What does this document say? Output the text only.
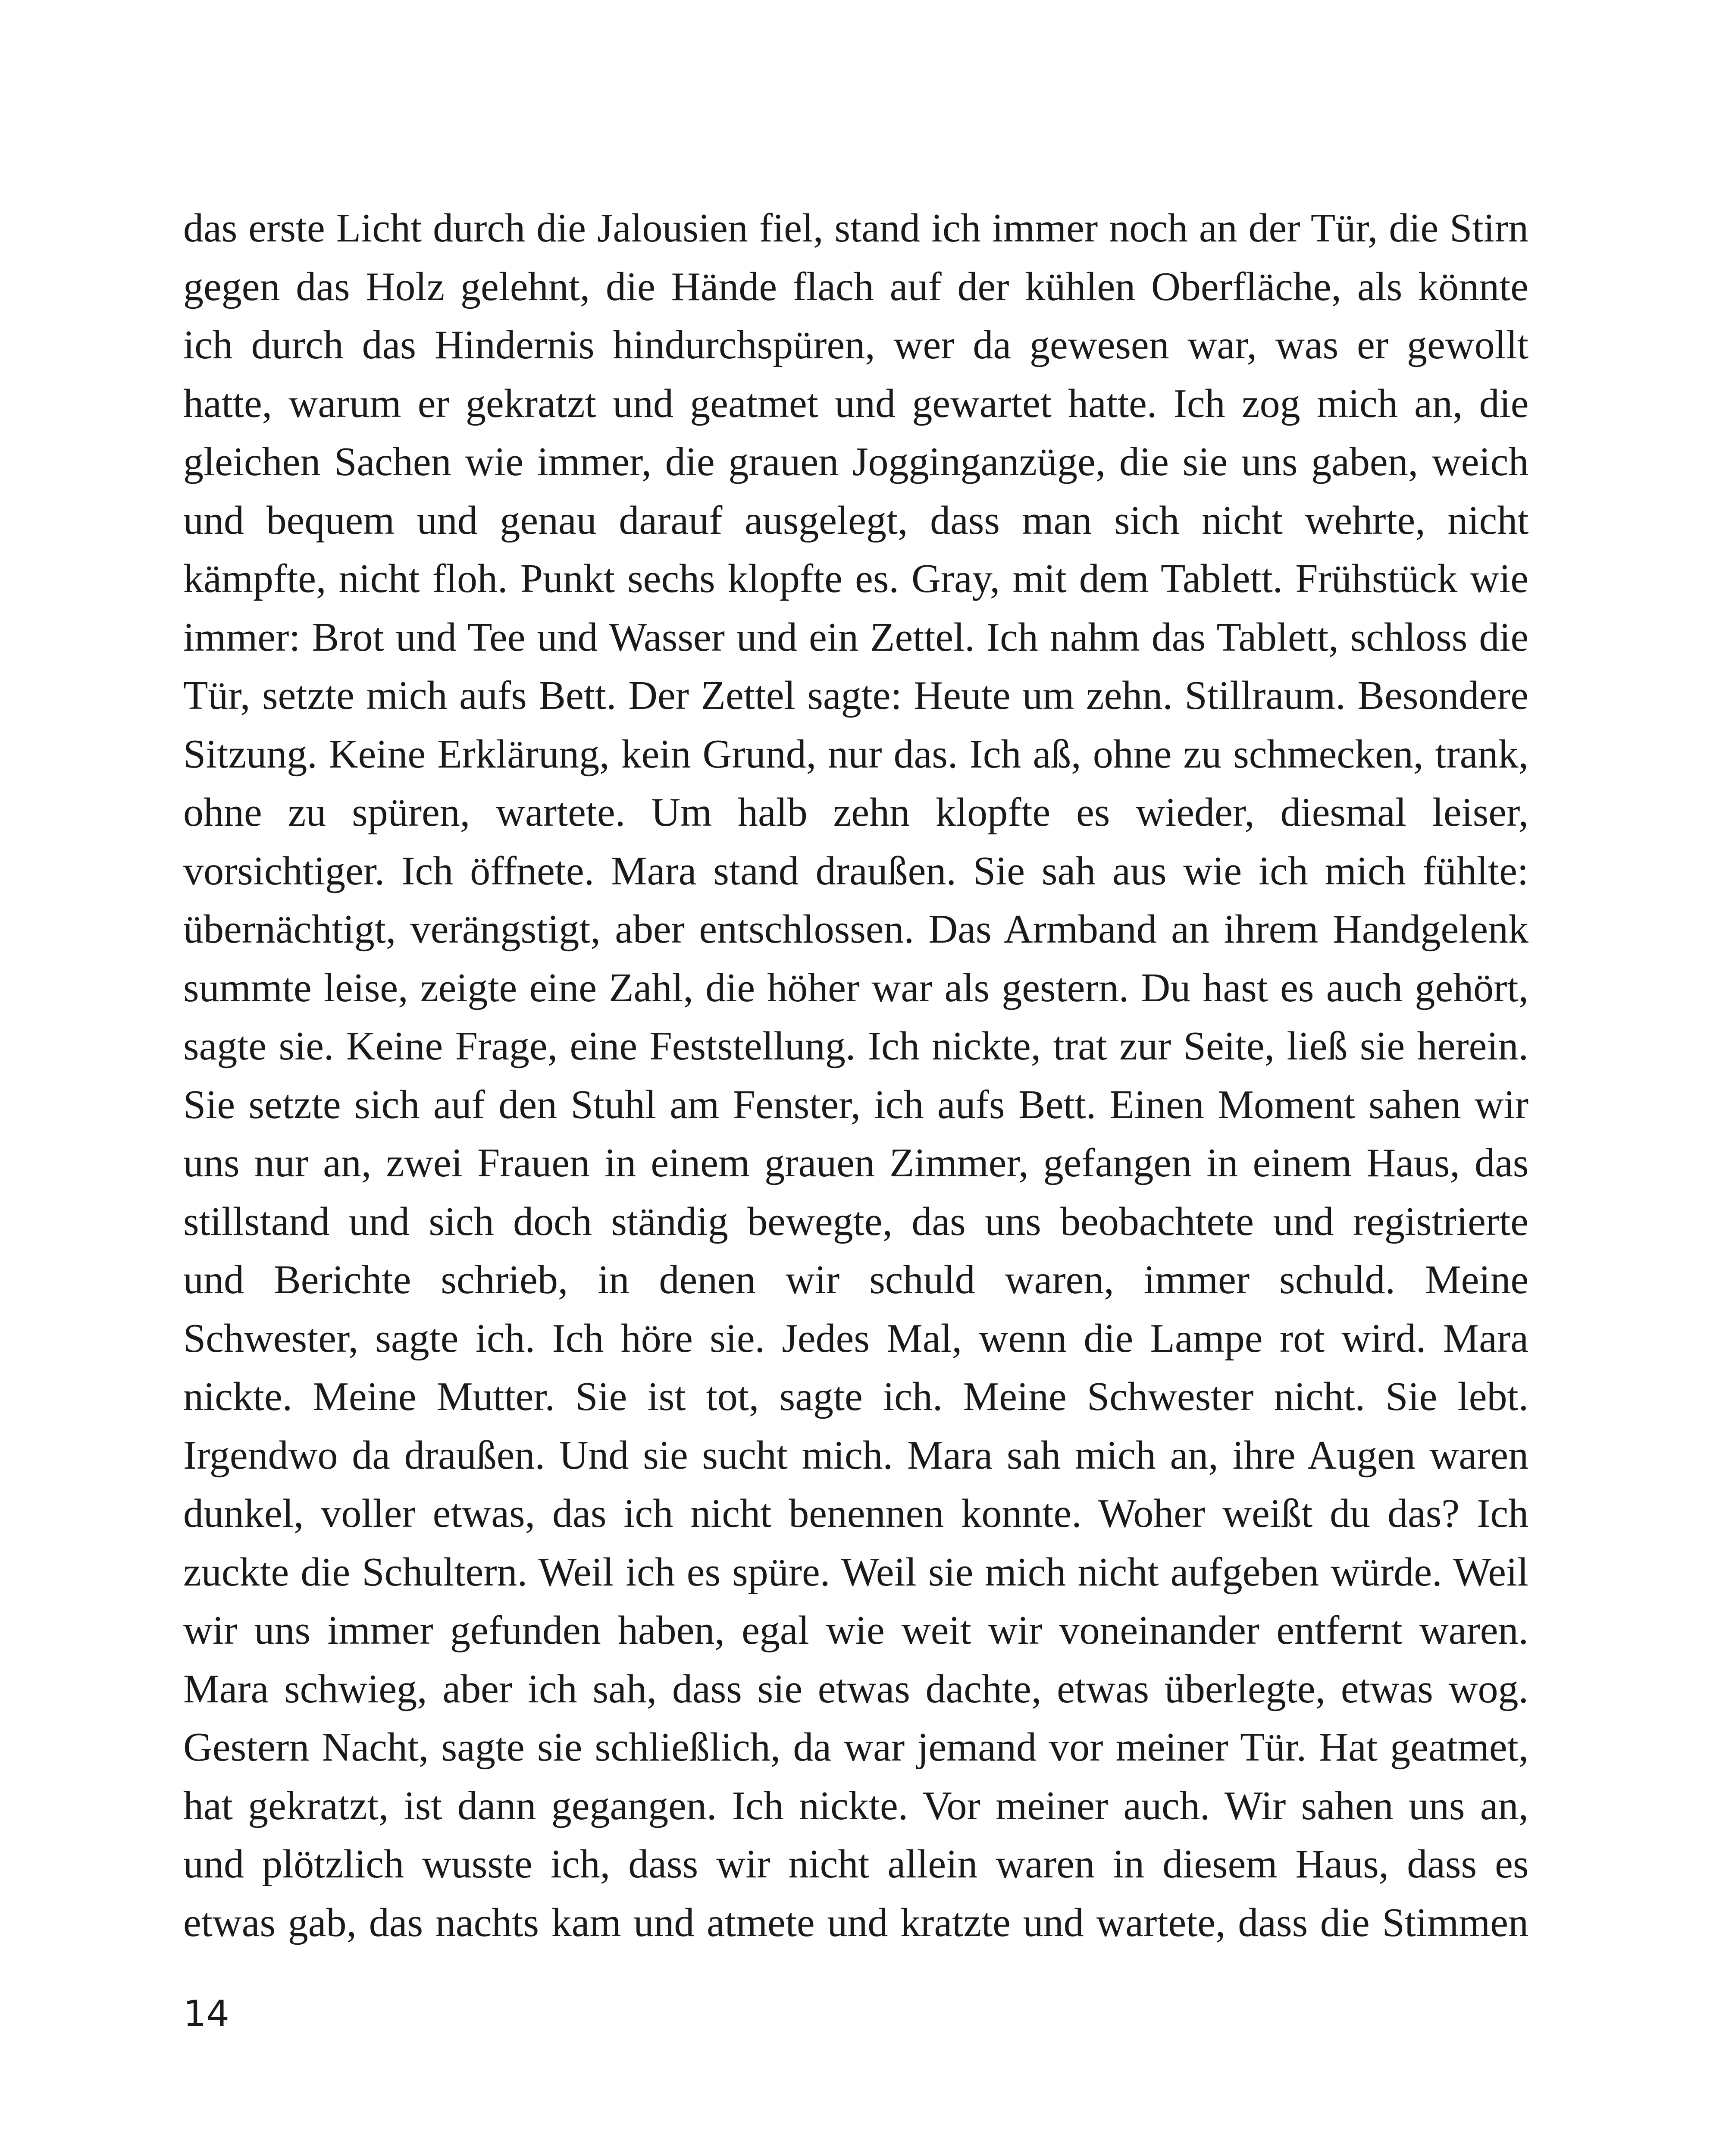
das erste Licht durch die Jalousien fiel, stand ich immer noch an der Tür, die Stirn
gegen das Holz gelehnt, die Hände flach auf der kühlen Oberfläche, als könnte
ich durch das Hindernis hindurchspüren, wer da gewesen war, was er gewollt
hatte, warum er gekratzt und geatmet und gewartet hatte. Ich zog mich an, die
gleichen Sachen wie immer, die grauen Jogginganzüge, die sie uns gaben, weich
und bequem und genau darauf ausgelegt, dass man sich nicht wehrte, nicht
kämpfte, nicht floh. Punkt sechs klopfte es. Gray, mit dem Tablett. Frühstück wie
immer: Brot und Tee und Wasser und ein Zettel. Ich nahm das Tablett, schloss die
Tür, setzte mich aufs Bett. Der Zettel sagte: Heute um zehn. Stillraum. Besondere
Sitzung. Keine Erklärung, kein Grund, nur das. Ich aß, ohne zu schmecken, trank,
ohne zu spüren, wartete. Um halb zehn klopfte es wieder, diesmal leiser,
vorsichtiger. Ich öffnete. Mara stand draußen. Sie sah aus wie ich mich fühlte:
übernächtigt, verängstigt, aber entschlossen. Das Armband an ihrem Handgelenk
summte leise, zeigte eine Zahl, die höher war als gestern. Du hast es auch gehört,
sagte sie. Keine Frage, eine Feststellung. Ich nickte, trat zur Seite, ließ sie herein.
Sie setzte sich auf den Stuhl am Fenster, ich aufs Bett. Einen Moment sahen wir
uns nur an, zwei Frauen in einem grauen Zimmer, gefangen in einem Haus, das
stillstand und sich doch ständig bewegte, das uns beobachtete und registrierte
und Berichte schrieb, in denen wir schuld waren, immer schuld. Meine
Schwester, sagte ich. Ich höre sie. Jedes Mal, wenn die Lampe rot wird. Mara
nickte. Meine Mutter. Sie ist tot, sagte ich. Meine Schwester nicht. Sie lebt.
Irgendwo da draußen. Und sie sucht mich. Mara sah mich an, ihre Augen waren
dunkel, voller etwas, das ich nicht benennen konnte. Woher weißt du das? Ich
zuckte die Schultern. Weil ich es spüre. Weil sie mich nicht aufgeben würde. Weil
wir uns immer gefunden haben, egal wie weit wir voneinander entfernt waren.
Mara schwieg, aber ich sah, dass sie etwas dachte, etwas überlegte, etwas wog.
Gestern Nacht, sagte sie schließlich, da war jemand vor meiner Tür. Hat geatmet,
hat gekratzt, ist dann gegangen. Ich nickte. Vor meiner auch. Wir sahen uns an,
und plötzlich wusste ich, dass wir nicht allein waren in diesem Haus, dass es
etwas gab, das nachts kam und atmete und kratzte und wartete, dass die Stimmen
14
